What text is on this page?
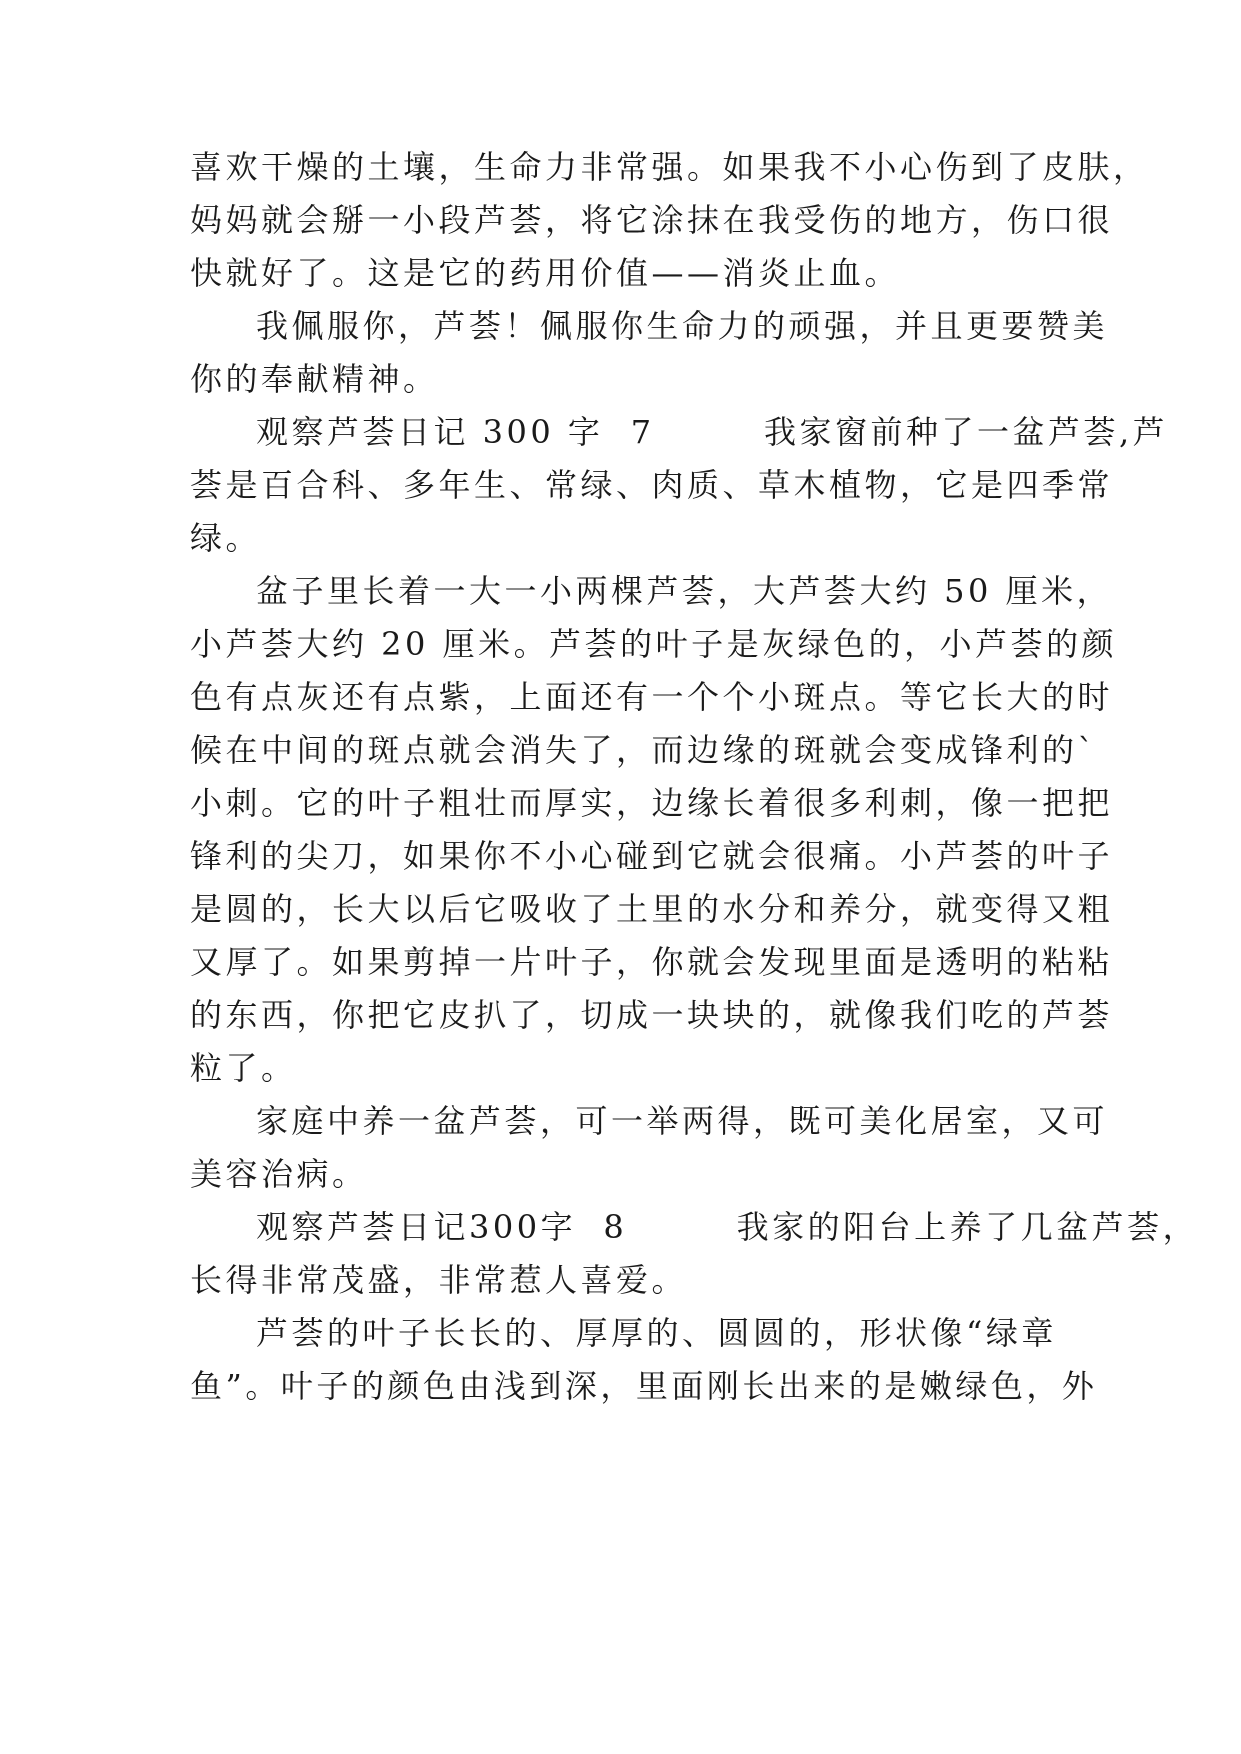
喜欢干燥的土壤，生命力非常强。如果我不小心伤到了皮肤，
妈妈就会掰一小段芦荟，将它涂抹在我受伤的地方，伤口很
快就好了。这是它的药用价值——消炎止血。
我佩服你，芦荟！佩服你生命力的顽强，并且更要赞美
你的奉献精神。
观察芦荟日记 300 字  7        我家窗前种了一盆芦荟,芦
荟是百合科、多年生、常绿、肉质、草木植物，它是四季常
绿。
盆子里长着一大一小两棵芦荟，大芦荟大约 50 厘米，
小芦荟大约 20 厘米。芦荟的叶子是灰绿色的，小芦荟的颜
色有点灰还有点紫，上面还有一个个小斑点。等它长大的时
候在中间的斑点就会消失了，而边缘的斑就会变成锋利的`
小刺。它的叶子粗壮而厚实，边缘长着很多利刺，像一把把
锋利的尖刀，如果你不小心碰到它就会很痛。小芦荟的叶子
是圆的，长大以后它吸收了土里的水分和养分，就变得又粗
又厚了。如果剪掉一片叶子，你就会发现里面是透明的粘粘
的东西，你把它皮扒了，切成一块块的，就像我们吃的芦荟
粒了。
家庭中养一盆芦荟，可一举两得，既可美化居室，又可
美容治病。
观察芦荟日记300字  8        我家的阳台上养了几盆芦荟，
长得非常茂盛，非常惹人喜爱。
芦荟的叶子长长的、厚厚的、圆圆的，形状像“绿章
鱼”。叶子的颜色由浅到深，里面刚长出来的是嫩绿色，外
